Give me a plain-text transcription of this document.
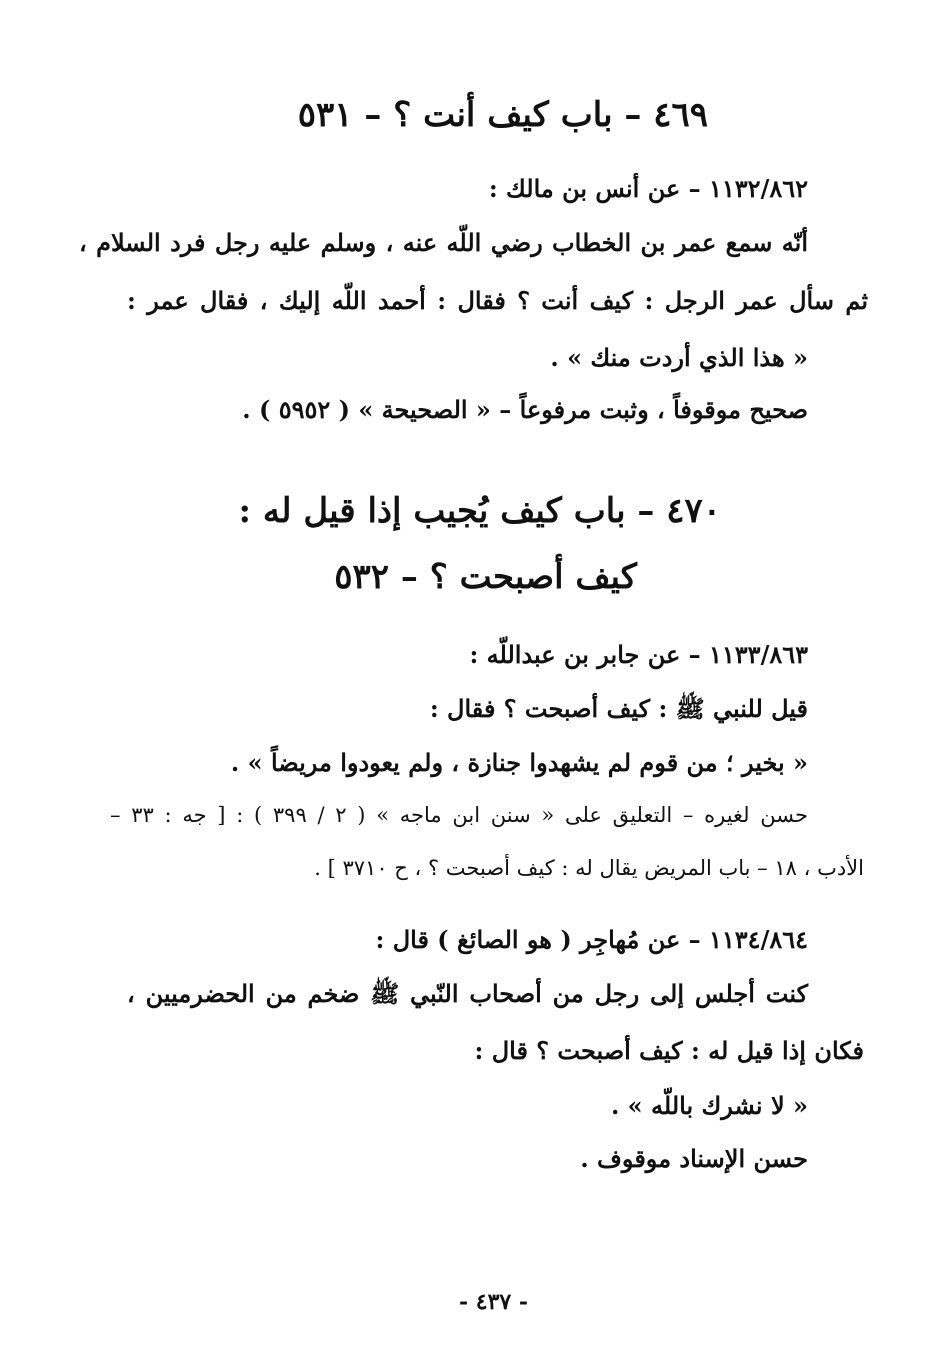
٤٦٩ – باب كيف أنت ؟ – ٥٣١
١١٣٢/٨٦٢ – عن أنس بن مالك :
أنّه سمع عمر بن الخطاب رضي اللّه عنه ، وسلم عليه رجل فرد السلام ،
ثم سأل عمر الرجل : كيف أنت ؟ فقال : أحمد اللّه إليك ، فقال عمر :
« هذا الذي أردت منك » .
صحيح موقوفاً ، وثبت مرفوعاً – « الصحيحة » ( ٥٩٥٢ ) .
٤٧٠ – باب كيف يُجيب إذا قيل له :
كيف أصبحت ؟ – ٥٣٢
١١٣٣/٨٦٣ – عن جابر بن عبداللّه :
قيل للنبي ﷺ : كيف أصبحت ؟ فقال :
« بخير ؛ من قوم لم يشهدوا جنازة ، ولم يعودوا مريضاً » .
حسن لغيره – التعليق على « سنن ابن ماجه » ( ٢ / ٣٩٩ ) : [ جه : ٣٣ –
الأدب ، ١٨ – باب المريض يقال له : كيف أصبحت ؟ ، ح ٣٧١٠ ] .
١١٣٤/٨٦٤ – عن مُهاجِر ( هو الصائغ ) قال :
كنت أجلس إلى رجل من أصحاب النّبي ﷺ ضخم من الحضرميين ،
فكان إذا قيل له : كيف أصبحت ؟ قال :
« لا نشرك باللّه » .
حسن الإسناد موقوف .
- ٤٣٧ -
